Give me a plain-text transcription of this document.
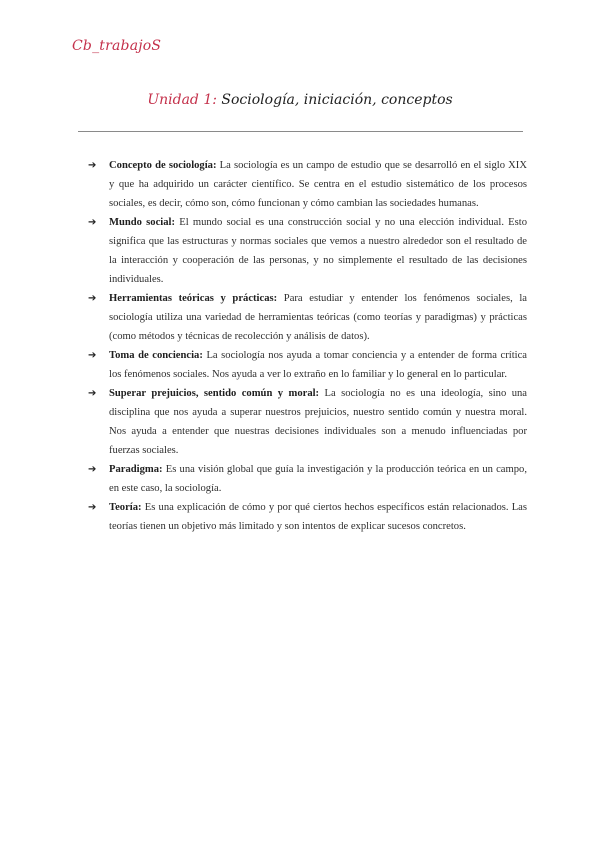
Cb_trabajoS
Unidad 1: Sociología, iniciación, conceptos
➔ Concepto de sociología: La sociología es un campo de estudio que se desarrolló en el siglo XIX y que ha adquirido un carácter científico. Se centra en el estudio sistemático de los procesos sociales, es decir, cómo son, cómo funcionan y cómo cambian las sociedades humanas.
➔ Mundo social: El mundo social es una construcción social y no una elección individual. Esto significa que las estructuras y normas sociales que vemos a nuestro alrededor son el resultado de la interacción y cooperación de las personas, y no simplemente el resultado de las decisiones individuales.
➔ Herramientas teóricas y prácticas: Para estudiar y entender los fenómenos sociales, la sociología utiliza una variedad de herramientas teóricas (como teorías y paradigmas) y prácticas (como métodos y técnicas de recolección y análisis de datos).
➔ Toma de conciencia: La sociología nos ayuda a tomar conciencia y a entender de forma crítica los fenómenos sociales. Nos ayuda a ver lo extraño en lo familiar y lo general en lo particular.
➔ Superar prejuicios, sentido común y moral: La sociología no es una ideología, sino una disciplina que nos ayuda a superar nuestros prejuicios, nuestro sentido común y nuestra moral. Nos ayuda a entender que nuestras decisiones individuales son a menudo influenciadas por fuerzas sociales.
➔ Paradigma: Es una visión global que guía la investigación y la producción teórica en un campo, en este caso, la sociología.
➔ Teoría: Es una explicación de cómo y por qué ciertos hechos específicos están relacionados. Las teorías tienen un objetivo más limitado y son intentos de explicar sucesos concretos.
